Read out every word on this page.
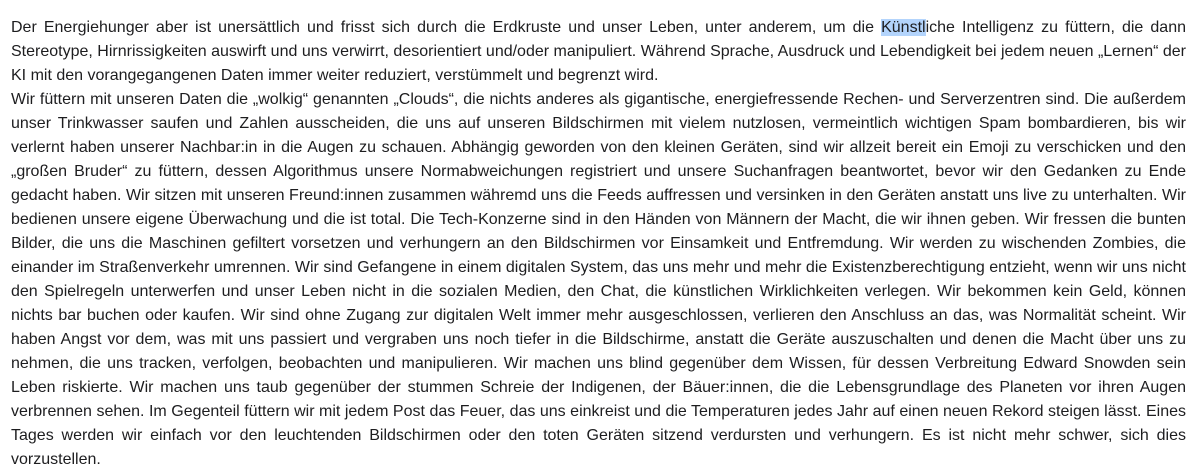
Der Energiehunger aber ist unersättlich und frisst sich durch die Erdkruste und unser Leben, unter anderem, um die Künstliche Intelligenz zu füttern, die dann Stereotype, Hirnrissigkeiten auswirft und uns verwirrt, desorientiert und/oder manipuliert. Während Sprache, Ausdruck und Lebendigkeit bei jedem neuen „Lernen“ der KI mit den vorangegangenen Daten immer weiter reduziert, verstümmelt und begrenzt wird.

Wir füttern mit unseren Daten die „wolkig“ genannten „Clouds“, die nichts anderes als gigantische, energiefressende Rechen- und Serverzentren sind. Die außerdem unser Trinkwasser saufen und Zahlen ausscheiden, die uns auf unseren Bildschirmen mit vielem nutzlosen, vermeintlich wichtigen Spam bombardieren, bis wir verlernt haben unserer Nachbar:in in die Augen zu schauen. Abhängig geworden von den kleinen Geräten, sind wir allzeit bereit ein Emoji zu verschicken und den „großen Bruder“ zu füttern, dessen Algorithmus unsere Normabweichungen registriert und unsere Suchanfragen beantwortet, bevor wir den Gedanken zu Ende gedacht haben. Wir sitzen mit unseren Freund:innen zusammen währemd uns die Feeds auffressen und versinken in den Geräten anstatt uns live zu unterhalten. Wir bedienen unsere eigene Überwachung und die ist total. Die Tech-Konzerne sind in den Händen von Männern der Macht, die wir ihnen geben. Wir fressen die bunten Bilder, die uns die Maschinen gefiltert vorsetzen und verhungern an den Bildschirmen vor Einsamkeit und Entfremdung. Wir werden zu wischenden Zombies, die einander im Straßenverkehr umrennen. Wir sind Gefangene in einem digitalen System, das uns mehr und mehr die Existenzberechtigung entzieht, wenn wir uns nicht den Spielregeln unterwerfen und unser Leben nicht in die sozialen Medien, den Chat, die künstlichen Wirklichkeiten verlegen. Wir bekommen kein Geld, können nichts bar buchen oder kaufen. Wir sind ohne Zugang zur digitalen Welt immer mehr ausgeschlossen, verlieren den Anschluss an das, was Normalität scheint. Wir haben Angst vor dem, was mit uns passiert und vergraben uns noch tiefer in die Bildschirme, anstatt die Geräte auszuschalten und denen die Macht über uns zu nehmen, die uns tracken, verfolgen, beobachten und manipulieren. Wir machen uns blind gegenüber dem Wissen, für dessen Verbreitung Edward Snowden sein Leben riskierte. Wir machen uns taub gegenüber der stummen Schreie der Indigenen, der Bäuer:innen, die die Lebensgrundlage des Planeten vor ihren Augen verbrennen sehen. Im Gegenteil füttern wir mit jedem Post das Feuer, das uns einkreist und die Temperaturen jedes Jahr auf einen neuen Rekord steigen lässt. Eines Tages werden wir einfach vor den leuchtenden Bildschirmen oder den toten Geräten sitzend verdursten und verhungern. Es ist nicht mehr schwer, sich dies vorzustellen.
